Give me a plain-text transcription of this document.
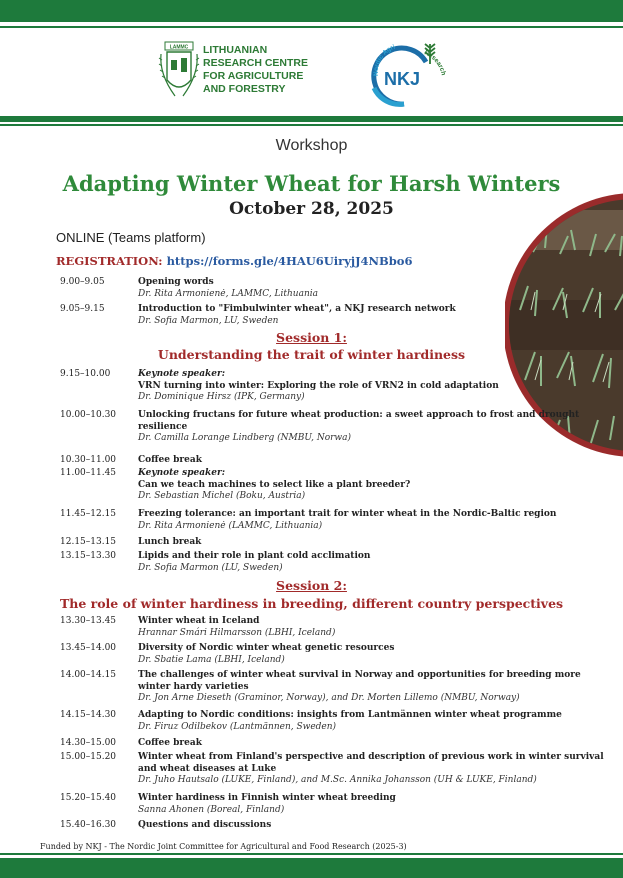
LAMMC LITHUANIAN
RESEARCH CENTRE
FOR AGRICULTURE
AND FORESTRY	NKJ
Nordic Agri
Research
Workshop
Adapting Winter Wheat for Harsh Winters
October 28, 2025
ONLINE (Teams platform)
REGISTRATION: https://forms.gle/4HAU6UiryjJ4NBbo6
9.00–9.05	Opening words
Dr. Rita Armonienė, LAMMC, Lithuania
9.05–9.15	Introduction to "Fimbulwinter wheat", a NKJ research network
Dr. Sofia Marmon, LU, Sweden
Session 1:
Understanding the trait of winter hardiness
9.15–10.00	Keynote speaker:
VRN turning into winter: Exploring the role of VRN2 in cold adaptation
Dr. Dominique Hirsz (IPK, Germany)
10.00–10.30	Unlocking fructans for future wheat production: a sweet approach to frost and drought resilience
Dr. Camilla Lorange Lindberg (NMBU, Norwa)
10.30–11.00	Coffee break
11.00–11.45	Keynote speaker:
Can we teach machines to select like a plant breeder?
Dr. Sebastian Michel (Boku, Austria)
11.45–12.15	Freezing tolerance: an important trait for winter wheat in the Nordic-Baltic region
Dr. Rita Armonienė (LAMMC, Lithuania)
12.15–13.15	Lunch break
13.15–13.30	Lipids and their role in plant cold acclimation
Dr. Sofia Marmon (LU, Sweden)
Session 2:
The role of winter hardiness in breeding, different country perspectives
13.30–13.45	Winter wheat in Iceland
Hrannar Smári Hilmarsson (LBHI, Iceland)
13.45–14.00	Diversity of Nordic winter wheat genetic resources
Dr. Sbatie Lama (LBHI, Iceland)
14.00–14.15	The challenges of winter wheat survival in Norway and opportunities for breeding more winter hardy varieties
Dr. Jon Arne Dieseth (Graminor, Norway), and Dr. Morten Lillemo (NMBU, Norway)
14.15–14.30	Adapting to Nordic conditions: insights from Lantmännen winter wheat programme
Dr. Firuz Odilbekov (Lantmännen, Sweden)
14.30–15.00	Coffee break
15.00–15.20	Winter wheat from Finland's perspective and description of previous work in winter survival and wheat diseases at Luke
Dr. Juho Hautsalo (LUKE, Finland), and M.Sc. Annika Johansson (UH & LUKE, Finland)
15.20–15.40	Winter hardiness in Finnish winter wheat breeding
Sanna Ahonen (Boreal, Finland)
15.40–16.30	Questions and discussions
Funded by NKJ - The Nordic Joint Committee for Agricultural and Food Research (2025-3)
